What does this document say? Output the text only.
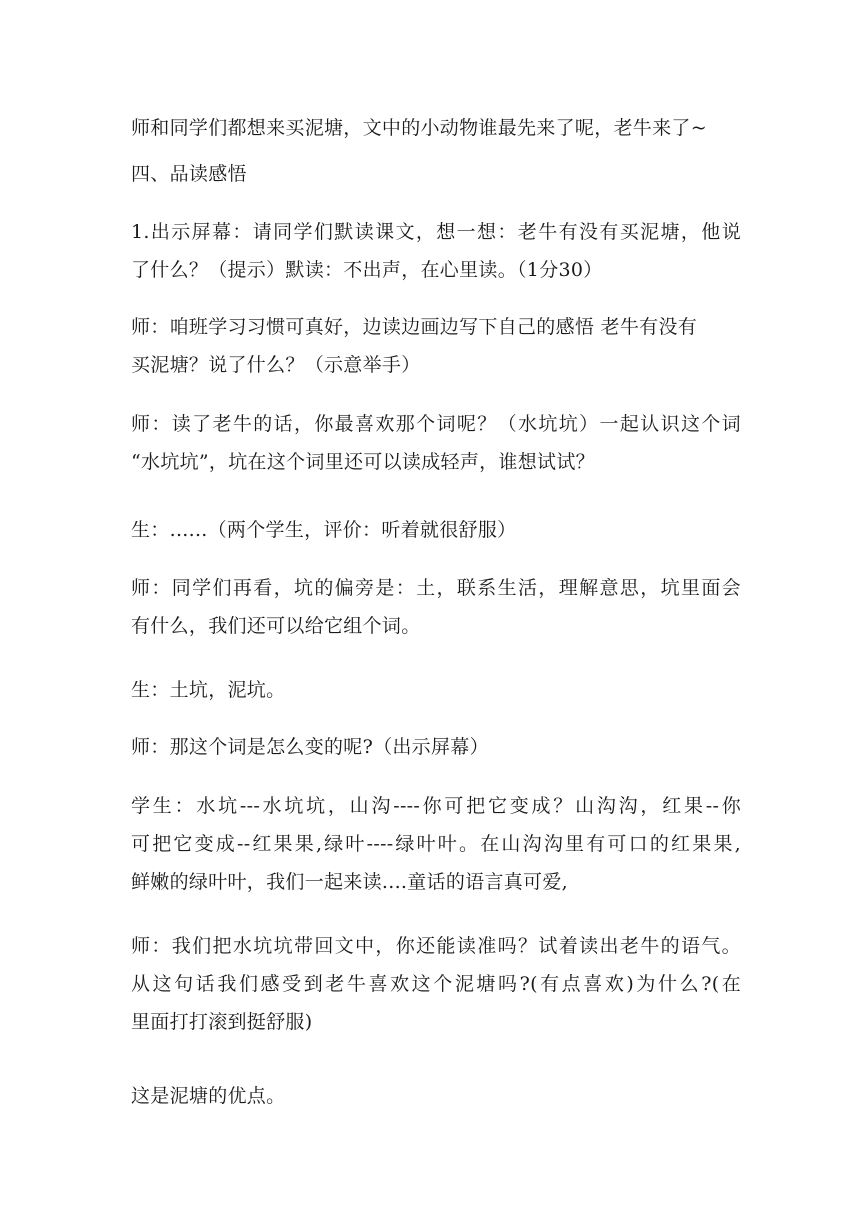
师和同学们都想来买泥塘，文中的小动物谁最先来了呢，老牛来了~

四、品读感悟

1.出示屏幕：请同学们默读课文，想一想：老牛有没有买泥塘，他说
了什么？（提示）默读：不出声，在心里读。（1分30）

师：咱班学习习惯可真好，边读边画边写下自己的感悟 老牛有没有
买泥塘？说了什么？（示意举手）

师：读了老牛的话，你最喜欢那个词呢？（水坑坑）一起认识这个词
“水坑坑”，坑在这个词里还可以读成轻声，谁想试试？

生：......（两个学生，评价：听着就很舒服）

师：同学们再看，坑的偏旁是：土，联系生活，理解意思，坑里面会
有什么，我们还可以给它组个词。

生：土坑，泥坑。

师：那这个词是怎么变的呢?（出示屏幕）

学生：水坑---水坑坑，山沟----你可把它变成？山沟沟，红果--你
可把它变成--红果果,绿叶----绿叶叶。在山沟沟里有可口的红果果,
鲜嫩的绿叶叶，我们一起来读....童话的语言真可爱,

师：我们把水坑坑带回文中，你还能读准吗？试着读出老牛的语气。
从这句话我们感受到老牛喜欢这个泥塘吗?(有点喜欢)为什么?(在
里面打打滚到挺舒服)

这是泥塘的优点。
